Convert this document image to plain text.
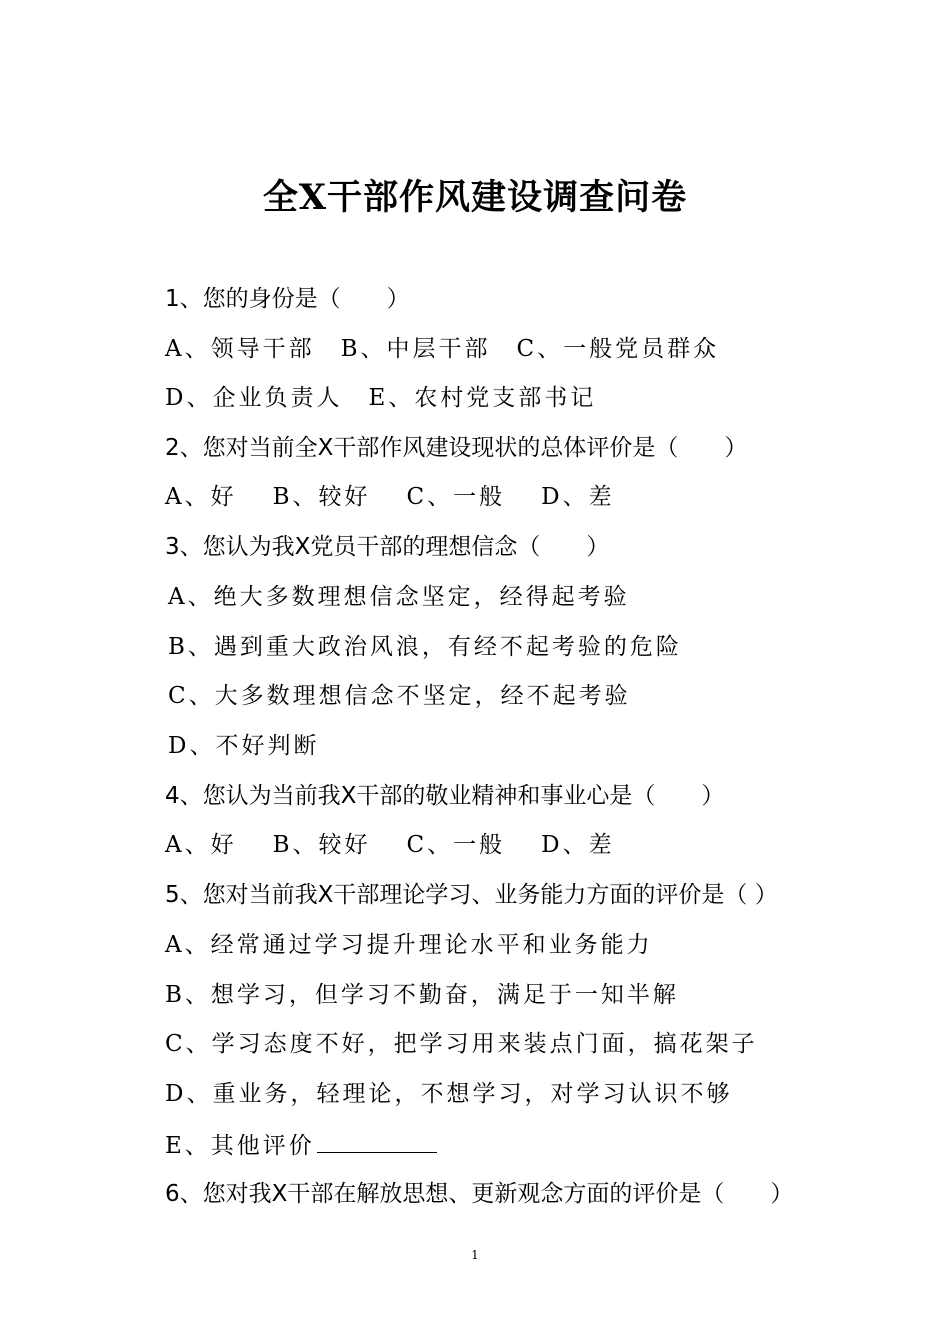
全X干部作风建设调查问卷

1、您的身份是（　　）

A、领导干部 B、中层干部 C、一般党员群众

D、企业负责人 E、农村党支部书记

2、您对当前全X干部作风建设现状的总体评价是（　　）

A、好 B、较好 C、一般 D、差

3、您认为我X党员干部的理想信念（　　）

A、绝大多数理想信念坚定，经得起考验

B、遇到重大政治风浪，有经不起考验的危险

C、大多数理想信念不坚定，经不起考验

D、不好判断

4、您认为当前我X干部的敬业精神和事业心是（　　）

A、好 B、较好 C、一般 D、差

5、您对当前我X干部理论学习、业务能力方面的评价是（ ）

A、经常通过学习提升理论水平和业务能力

B、想学习，但学习不勤奋，满足于一知半解

C、学习态度不好，把学习用来装点门面，搞花架子

D、重业务，轻理论，不想学习，对学习认识不够

E、其他评价

6、您对我X干部在解放思想、更新观念方面的评价是（　　）

1
